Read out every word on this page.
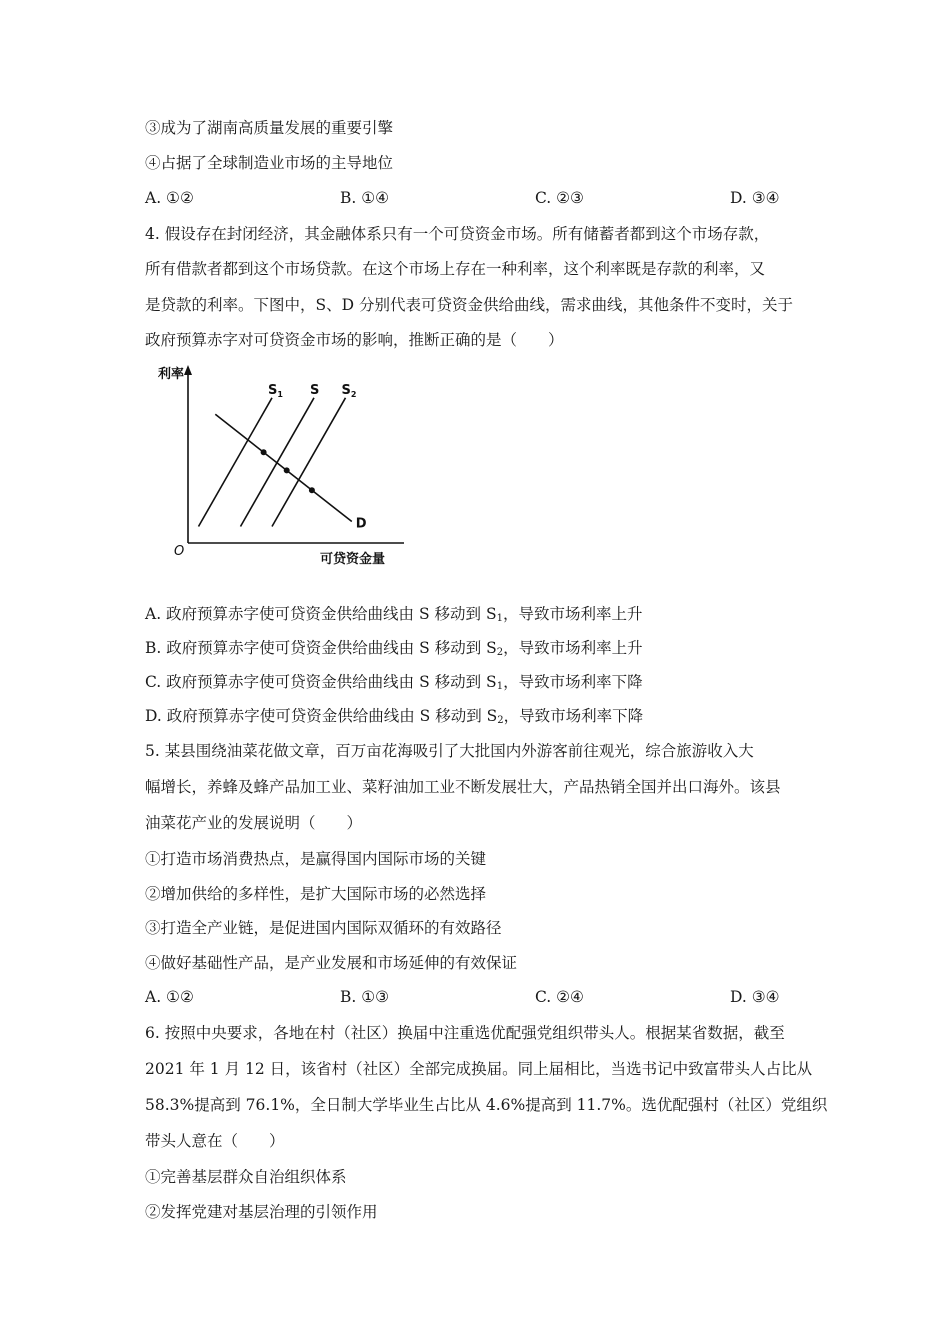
③成为了湖南高质量发展的重要引擎
④占据了全球制造业市场的主导地位
A. ①②	B. ①④	C. ②③	D. ③④
4. 假设存在封闭经济，其金融体系只有一个可贷资金市场。所有储蓄者都到这个市场存款，
所有借款者都到这个市场贷款。在这个市场上存在一种利率，这个利率既是存款的利率，又
是贷款的利率。下图中，S、D 分别代表可贷资金供给曲线，需求曲线，其他条件不变时，关于
政府预算赤字对可贷资金市场的影响，推断正确的是（　　）
利率
可贷资金量
O
$S_1$ S $S_2$
D
A. 政府预算赤字使可贷资金供给曲线由 S 移动到 $S_1$，导致市场利率上升
B. 政府预算赤字使可贷资金供给曲线由 S 移动到 $S_2$，导致市场利率上升
C. 政府预算赤字使可贷资金供给曲线由 S 移动到 $S_1$，导致市场利率下降
D. 政府预算赤字使可贷资金供给曲线由 S 移动到 $S_2$，导致市场利率下降
5. 某县围绕油菜花做文章，百万亩花海吸引了大批国内外游客前往观光，综合旅游收入大
幅增长，养蜂及蜂产品加工业、菜籽油加工业不断发展壮大，产品热销全国并出口海外。该县
油菜花产业的发展说明（　　）
①打造市场消费热点，是赢得国内国际市场的关键
②增加供给的多样性，是扩大国际市场的必然选择
③打造全产业链，是促进国内国际双循环的有效路径
④做好基础性产品，是产业发展和市场延伸的有效保证
A. ①②	B. ①③	C. ②④	D. ③④
6. 按照中央要求，各地在村（社区）换届中注重选优配强党组织带头人。根据某省数据，截至
2021 年 1 月 12 日，该省村（社区）全部完成换届。同上届相比，当选书记中致富带头人占比从
58.3%提高到 76.1%，全日制大学毕业生占比从 4.6%提高到 11.7%。选优配强村（社区）党组织
带头人意在（　　）
①完善基层群众自治组织体系
②发挥党建对基层治理的引领作用
